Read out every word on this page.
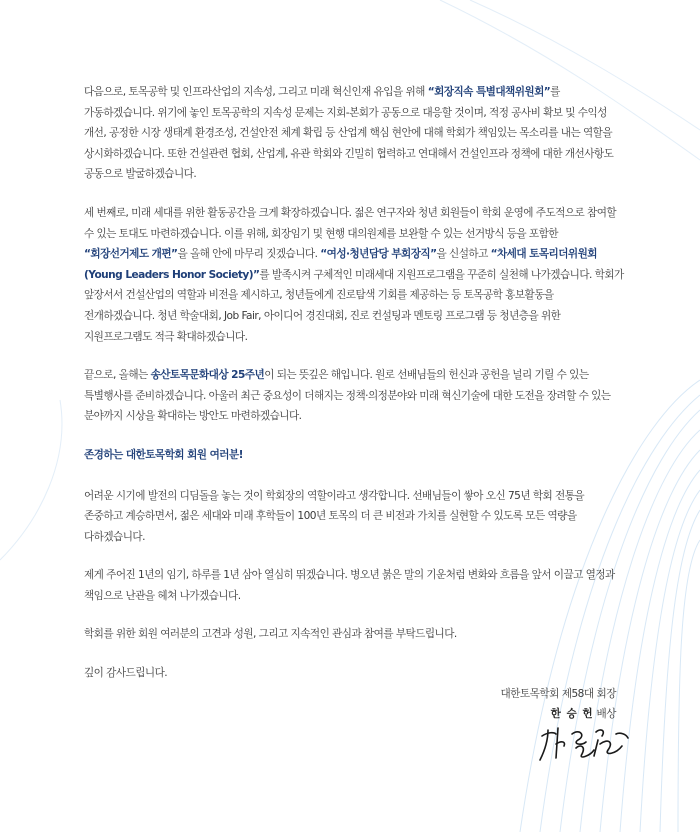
다음으로, 토목공학 및 인프라산업의 지속성, 그리고 미래 혁신인재 유입을 위해 “회장직속 특별대책위원회”를 가동하겠습니다. 위기에 놓인 토목공학의 지속성 문제는 지회-본회가 공동으로 대응할 것이며, 적정 공사비 확보 및 수익성 개선, 공정한 시장 생태계 환경조성, 건설안전 체계 확립 등 산업계 핵심 현안에 대해 학회가 책임있는 목소리를 내는 역할을 상시화하겠습니다. 또한 건설관련 협회, 산업계, 유관 학회와 긴밀히 협력하고 연대해서 건설인프라 정책에 대한 개선사항도 공동으로 발굴하겠습니다.

세 번째로, 미래 세대를 위한 활동공간을 크게 확장하겠습니다. 젊은 연구자와 청년 회원들이 학회 운영에 주도적으로 참여할 수 있는 토대도 마련하겠습니다. 이를 위해, 회장임기 및 현행 대의원제를 보완할 수 있는 선거방식 등을 포함한 “회장선거제도 개편”을 올해 안에 마무리 짓겠습니다. “여성·청년담당 부회장직”을 신설하고 “차세대 토목리더위원회 (Young Leaders Honor Society)”를 발족시켜 구체적인 미래세대 지원프로그램을 꾸준히 실천해 나가겠습니다. 학회가 앞장서서 건설산업의 역할과 비전을 제시하고, 청년들에게 진로탐색 기회를 제공하는 등 토목공학 홍보활동을 전개하겠습니다. 청년 학술대회, Job Fair, 아이디어 경진대회, 진로 컨설팅과 멘토링 프로그램 등 청년층을 위한 지원프로그램도 적극 확대하겠습니다.

끝으로, 올해는 송산토목문화대상 25주년이 되는 뜻깊은 해입니다. 원로 선배님들의 헌신과 공헌을 널리 기릴 수 있는 특별행사를 준비하겠습니다. 아울러 최근 중요성이 더해지는 정책·의정분야와 미래 혁신기술에 대한 도전을 장려할 수 있는 분야까지 시상을 확대하는 방안도 마련하겠습니다.

존경하는 대한토목학회 회원 여러분!

어려운 시기에 발전의 디딤돌을 놓는 것이 학회장의 역할이라고 생각합니다. 선배님들이 쌓아 오신 75년 학회 전통을 존중하고 계승하면서, 젊은 세대와 미래 후학들이 100년 토목의 더 큰 비전과 가치를 실현할 수 있도록 모든 역량을 다하겠습니다.

제게 주어진 1년의 임기, 하루를 1년 삼아 열심히 뛰겠습니다. 병오년 붉은 말의 기운처럼 변화와 흐름을 앞서 이끌고 열정과 책임으로 난관을 헤쳐 나가겠습니다.

학회를 위한 회원 여러분의 고견과 성원, 그리고 지속적인 관심과 참여를 부탁드립니다.

깊이 감사드립니다.

대한토목학회 제58대 회장
한 승 헌 배상
